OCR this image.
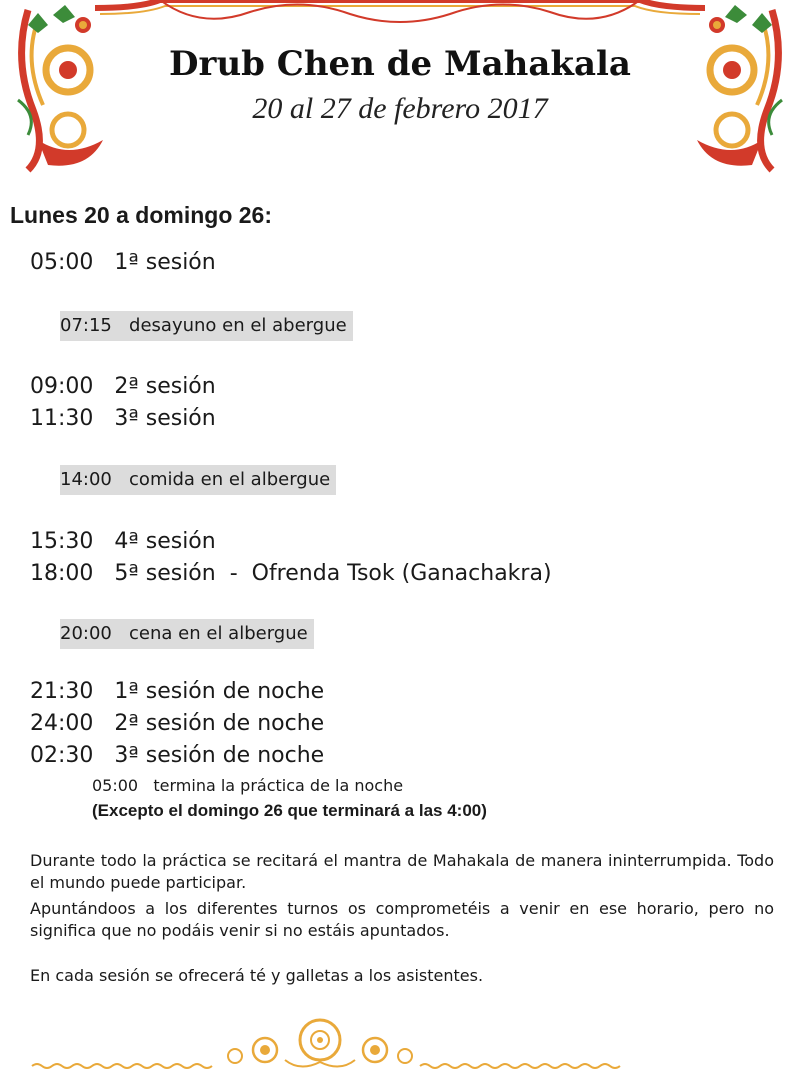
Drub Chen de Mahakala
20 al 27 de febrero 2017
Lunes 20 a domingo 26:
05:00   1ª sesión
07:15   desayuno en el abergue
09:00   2ª sesión
11:30   3ª sesión
14:00   comida en el albergue
15:30   4ª sesión
18:00   5ª sesión  -  Ofrenda Tsok (Ganachakra)
20:00   cena en el albergue
21:30   1ª sesión de noche
24:00   2ª sesión de noche
02:30   3ª sesión de noche
05:00   termina la práctica de la noche
(Excepto el domingo 26 que terminará a las 4:00)
Durante todo la práctica se recitará el mantra de Mahakala de manera ininterrumpida. Todo el mundo puede participar.
Apuntándoos a los diferentes turnos os comprometéis a venir en ese horario, pero no significa que no podáis venir si no estáis apuntados.
En cada sesión se ofrecerá té y galletas a los asistentes.
